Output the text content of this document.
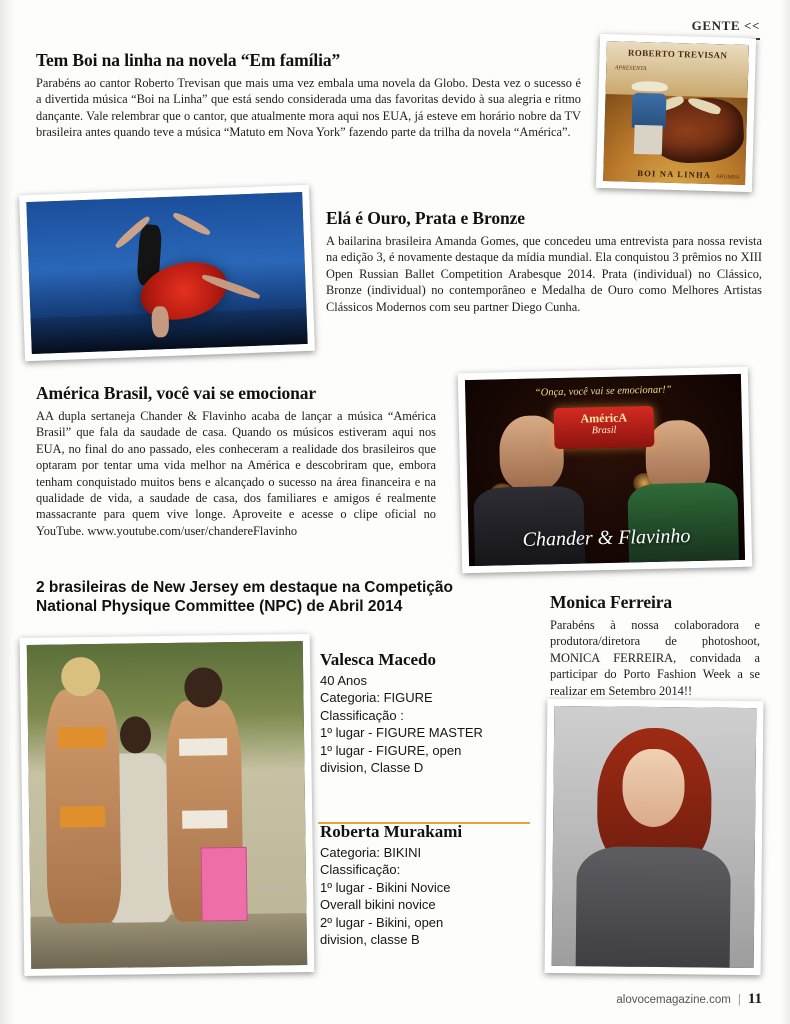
GENTE <<
Tem Boi na linha na novela “Em família”

Parabéns ao cantor Roberto Trevisan que mais uma vez embala uma novela da Globo. Desta vez o sucesso é a divertida música “Boi na Linha” que está sendo considerada uma das favoritas devido à sua alegria e ritmo dançante. Vale relembrar que o cantor, que atualmente mora aqui nos EUA, já esteve em horário nobre da TV brasileira antes quando teve a música “Matuto em Nova York” fazendo parte da trilha da novela “América”.

ROBERTO TREVISAN
APRESENTA
BOI NA LINHA ARUMBA
Elá é Ouro, Prata e Bronze

A bailarina brasileira Amanda Gomes, que concedeu uma entrevista para nossa revista na edição 3, é novamente destaque da mídia mundial. Ela conquistou 3 prêmios no XIII Open Russian Ballet Competition Arabesque 2014. Prata (individual) no Clássico, Bronze (individual) no contemporâneo e Medalha de Ouro como Melhores Artistas Clássicos Modernos com seu partner Diego Cunha.

América Brasil, você vai se emocionar

AA dupla sertaneja Chander & Flavinho acaba de lançar a música “América Brasil” que fala da saudade de casa. Quando os músicos estiveram aqui nos EUA, no final do ano passado, eles conheceram a realidade dos brasileiros que optaram por tentar uma vida melhor na América e descobriram que, embora tenham conquistado muitos bens e alcançado o sucesso na área financeira e na qualidade de vida, a saudade de casa, dos familiares e amigos é realmente massacrante para quem vive longe. Aproveite e acesse o clipe oficial no YouTube. www.youtube.com/user/chandereFlavinho

“Onça, você vai se emocionar!”
AméricA
Brasil
Chander & Flavinho
2 brasileiras de New Jersey em destaque na Competição
National Physique Committee (NPC) de Abril 2014
Valesca Macedo
40 Anos
Categoria: FIGURE
Classificação :
1º lugar - FIGURE MASTER
1º lugar - FIGURE, open
division, Classe D
Roberta Murakami
Categoria: BIKINI
Classificação:
1º lugar - Bikini Novice
Overall bikini novice
2º lugar - Bikini, open
division, classe B
Monica Ferreira

Parabéns à nossa colaboradora e produtora/diretora de photoshoot, MONICA FERREIRA, convidada a participar do Porto Fashion Week a se realizar em Setembro 2014!!

alovocemagazine.com | 11
